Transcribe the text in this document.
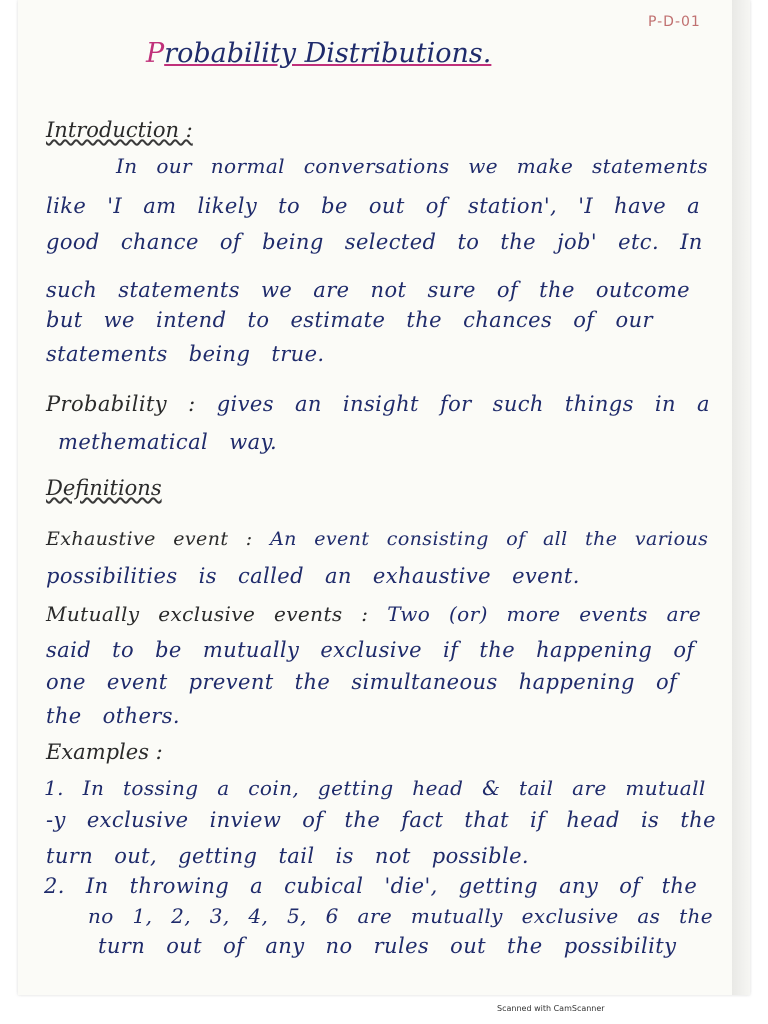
P-D-01
Probability Distributions.
Introduction :
In our normal conversations we make statements
like 'I am likely to be out of station', 'I have a
good chance of being selected to the job' etc. In
such statements we are not sure of the outcome
but we intend to estimate the chances of our
statements being true.
Probability : gives an insight for such things in a
methematical way.
Definitions
Exhaustive event : An event consisting of all the various
possibilities is called an exhaustive event.
Mutually exclusive events : Two (or) more events are
said to be mutually exclusive if the happening of
one event prevent the simultaneous happening of
the others.
Examples :
1. In tossing a coin, getting head & tail are mutuall
-y exclusive inview of the fact that if head is the
turn out, getting tail is not possible.
2. In throwing a cubical 'die', getting any of the
no 1, 2, 3, 4, 5, 6 are mutually exclusive as the
turn out of any no rules out the possibility
Scanned with CamScanner
